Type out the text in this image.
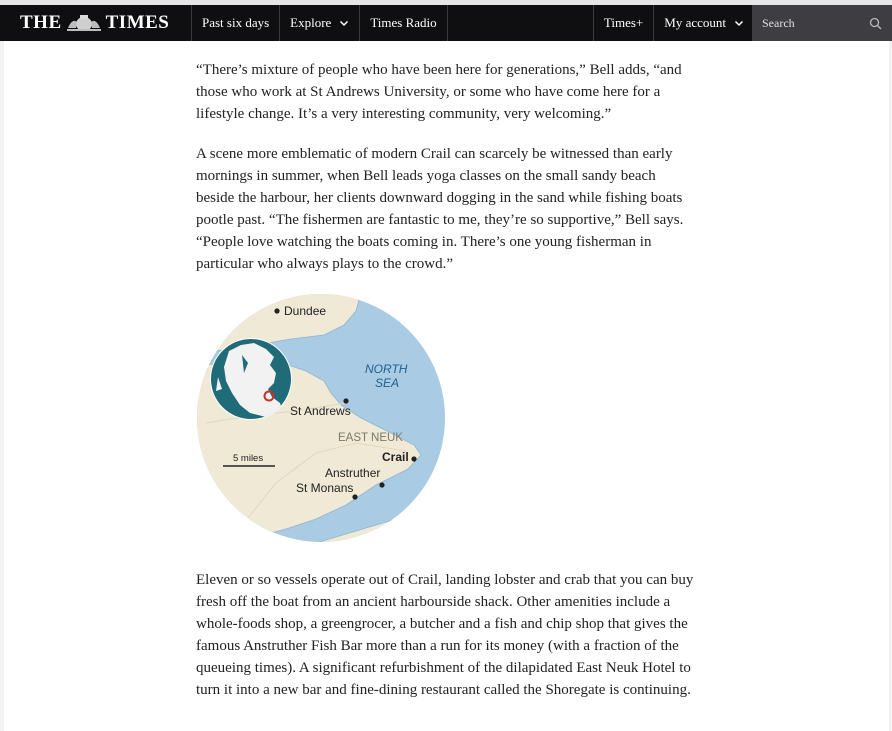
THE TIMES	Past six days Explore	Times Radio	Times+ My account	Search

“There’s mixture of people who have been here for generations,” Bell adds, “and those who work at St Andrews University, or some who have come here for a lifestyle change. It’s a very interesting community, very welcoming.”

A scene more emblematic of modern Crail can scarcely be witnessed than early mornings in summer, when Bell leads yoga classes on the small sandy beach beside the harbour, her clients downward dogging in the sand while fishing boats pootle past. “The fishermen are fantastic to me, they’re so supportive,” Bell says. “People love watching the boats coming in. There’s one young fisherman in particular who always plays to the crowd.”

Dundee
St Andrews
Crail
Anstruther
St Monans
NORTH
SEA
EAST NEUK
5 miles

Eleven or so vessels operate out of Crail, landing lobster and crab that you can buy fresh off the boat from an ancient harbourside shack. Other amenities include a whole-foods shop, a greengrocer, a butcher and a fish and chip shop that gives the famous Anstruther Fish Bar more than a run for its money (with a fraction of the queueing times). A significant refurbishment of the dilapidated East Neuk Hotel to turn it into a new bar and fine-dining restaurant called the Shoregate is continuing.
